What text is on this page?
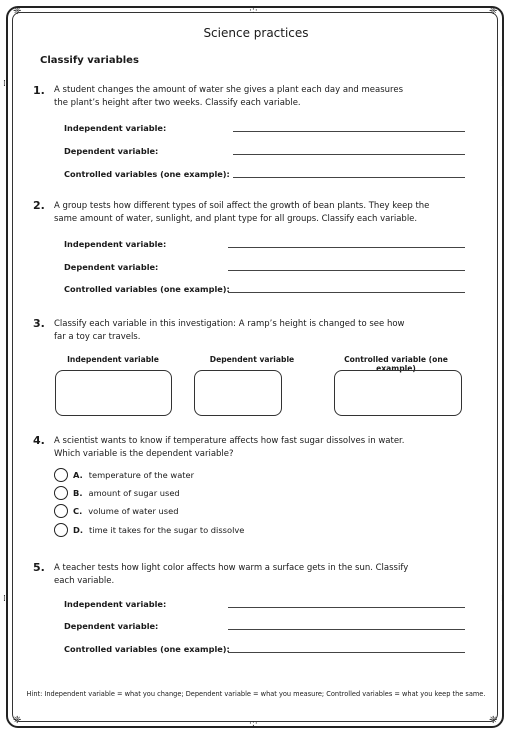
❈	❈
❈	❈
·:·
·:·
⁞
⁞
⁞
⁞
Science practices
Classify variables
1. A student changes the amount of water she gives a plant each day and measures the plant’s height after two weeks. Classify each variable.
Independent variable:
Dependent variable:
Controlled variables (one example):
2. A group tests how different types of soil affect the growth of bean plants. They keep the same amount of water, sunlight, and plant type for all groups. Classify each variable.
Independent variable:
Dependent variable:
Controlled variables (one example):
3. Classify each variable in this investigation: A ramp’s height is changed to see how far a toy car travels.
Independent variable	Dependent variable	Controlled variable (one example)
4. A scientist wants to know if temperature affects how fast sugar dissolves in water. Which variable is the dependent variable?
A. temperature of the water
B. amount of sugar used
C. volume of water used
D. time it takes for the sugar to dissolve
5. A teacher tests how light color affects how warm a surface gets in the sun. Classify each variable.
Independent variable:
Dependent variable:
Controlled variables (one example):
Hint: Independent variable = what you change; Dependent variable = what you measure; Controlled variables = what you keep the same.
